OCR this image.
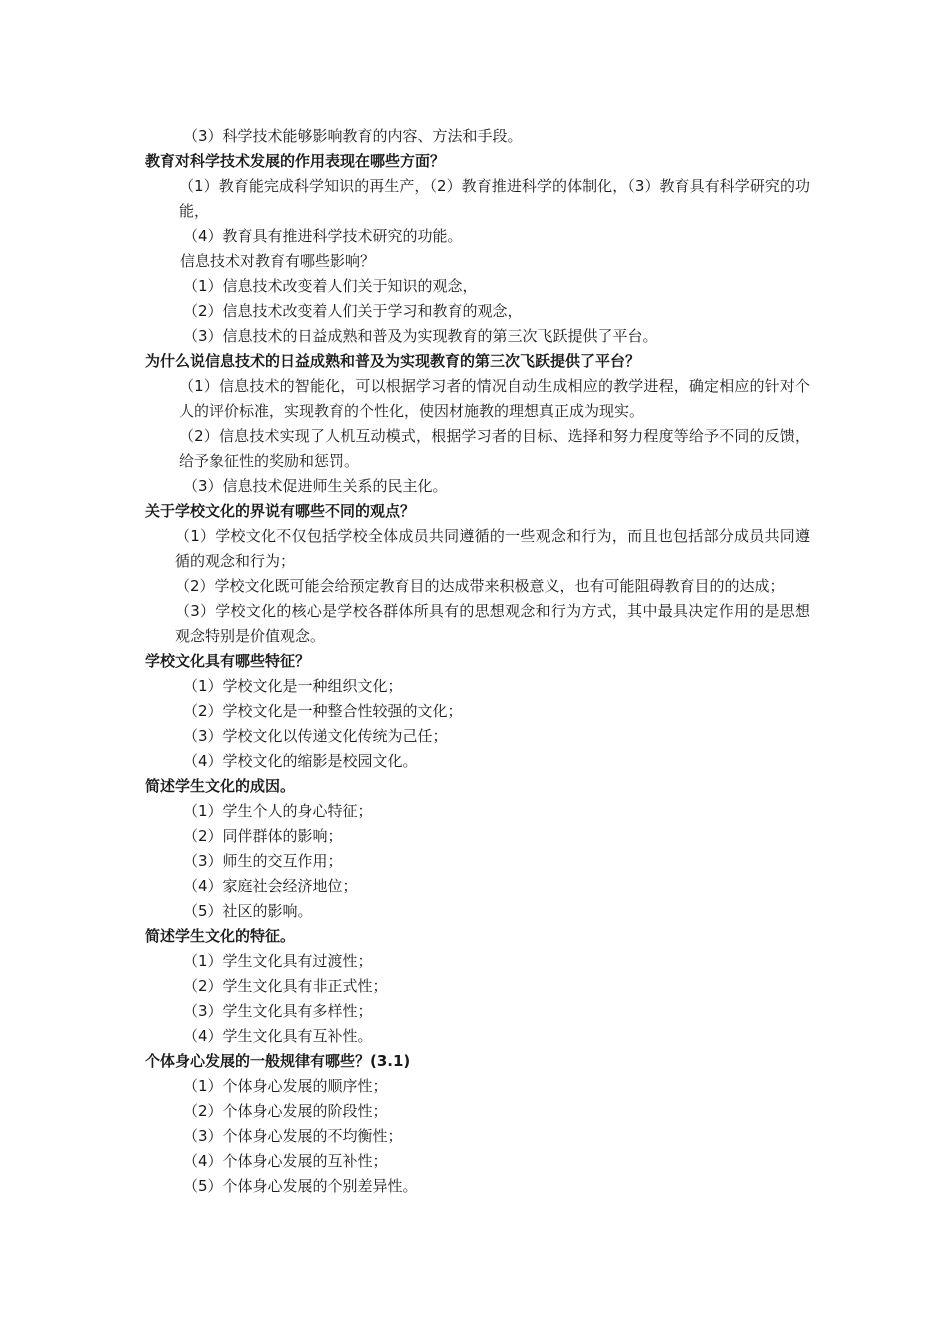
（3）科学技术能够影响教育的内容、方法和手段。
教育对科学技术发展的作用表现在哪些方面？
（1）教育能完成科学知识的再生产，（2）教育推进科学的体制化，（3）教育具有科学研究的功能，
（4）教育具有推进科学技术研究的功能。
信息技术对教育有哪些影响？
（1）信息技术改变着人们关于知识的观念，
（2）信息技术改变着人们关于学习和教育的观念，
（3）信息技术的日益成熟和普及为实现教育的第三次飞跃提供了平台。
为什么说信息技术的日益成熟和普及为实现教育的第三次飞跃提供了平台？
（1）信息技术的智能化，可以根据学习者的情况自动生成相应的教学进程，确定相应的针对个人的评价标准，实现教育的个性化，使因材施教的理想真正成为现实。
（2）信息技术实现了人机互动模式，根据学习者的目标、选择和努力程度等给予不同的反馈，给予象征性的奖励和惩罚。
（3）信息技术促进师生关系的民主化。
关于学校文化的界说有哪些不同的观点？
（1）学校文化不仅包括学校全体成员共同遵循的一些观念和行为，而且也包括部分成员共同遵循的观念和行为；
（2）学校文化既可能会给预定教育目的达成带来积极意义，也有可能阻碍教育目的的达成；
（3）学校文化的核心是学校各群体所具有的思想观念和行为方式，其中最具决定作用的是思想观念特别是价值观念。
学校文化具有哪些特征？
（1）学校文化是一种组织文化；
（2）学校文化是一种整合性较强的文化；
（3）学校文化以传递文化传统为己任；
（4）学校文化的缩影是校园文化。
简述学生文化的成因。
（1）学生个人的身心特征；
（2）同伴群体的影响；
（3）师生的交互作用；
（4）家庭社会经济地位；
（5）社区的影响。
简述学生文化的特征。
（1）学生文化具有过渡性；
（2）学生文化具有非正式性；
（3）学生文化具有多样性；
（4）学生文化具有互补性。
个体身心发展的一般规律有哪些？(3.1)
（1）个体身心发展的顺序性；
（2）个体身心发展的阶段性；
（3）个体身心发展的不均衡性；
（4）个体身心发展的互补性；
（5）个体身心发展的个别差异性。
